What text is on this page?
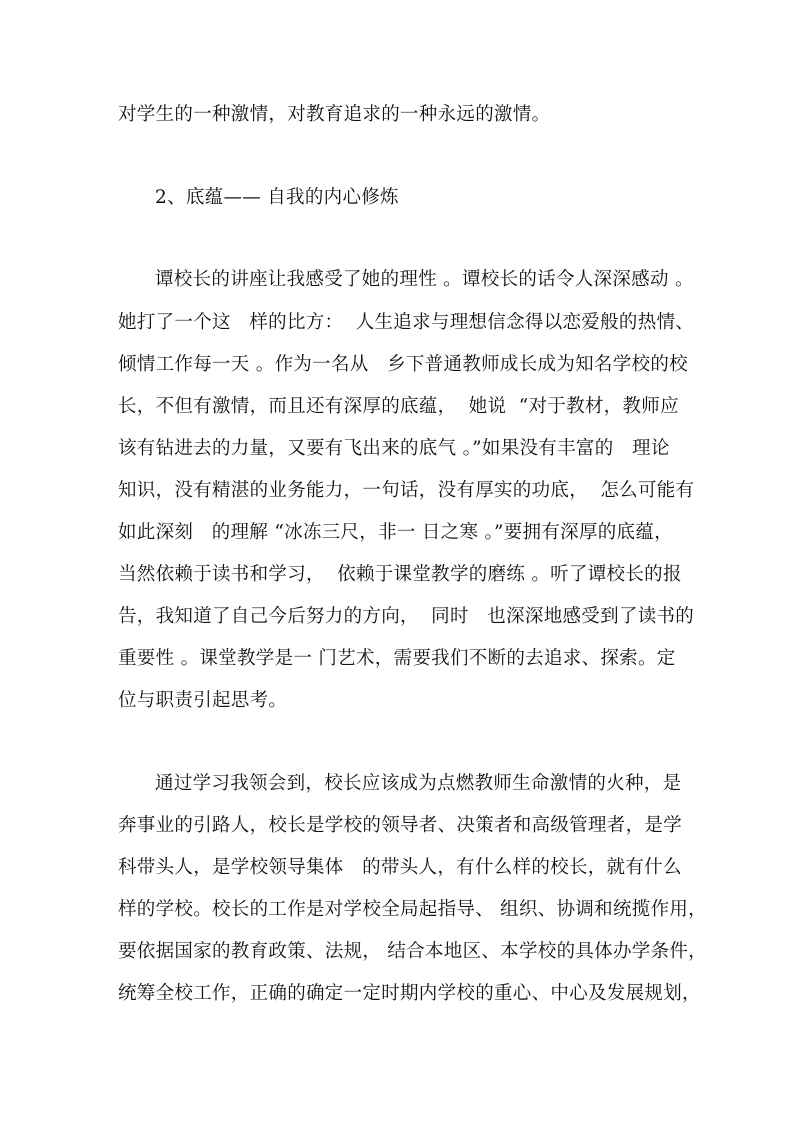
对学生的一种激情，对教育追求的一种永远的激情。
2、底蕴—— 自我的内心修炼
谭校长的讲座让我感受了她的理性 。谭校长的话令人深深感动 。
她打了一个这   样的比方：  人生追求与理想信念得以恋爱般的热情、
倾情工作每一天 。作为一名从   乡下普通教师成长成为知名学校的校
长，不但有激情，而且还有深厚的底蕴，  她说  “对于教材，教师应
该有钻进去的力量，又要有飞出来的底气 。”如果没有丰富的   理论
知识，没有精湛的业务能力，一句话，没有厚实的功底，  怎么可能有
如此深刻   的理解 “冰冻三尺，非一 日之寒 。”要拥有深厚的底蕴，
当然依赖于读书和学习，  依赖于课堂教学的磨练 。听了谭校长的报
告，我知道了自己今后努力的方向，  同时   也深深地感受到了读书的
重要性 。课堂教学是一 门艺术，需要我们不断的去追求、探索。定
位与职责引起思考。
通过学习我领会到，校长应该成为点燃教师生命激情的火种，是
奔事业的引路人，校长是学校的领导者、决策者和高级管理者，是学
科带头人，是学校领导集体   的带头人，有什么样的校长，就有什么
样的学校。校长的工作是对学校全局起指导、 组织、协调和统揽作用，
要依据国家的教育政策、法规， 结合本地区、本学校的具体办学条件，
统筹全校工作，正确的确定一定时期内学校的重心、中心及发展规划，
